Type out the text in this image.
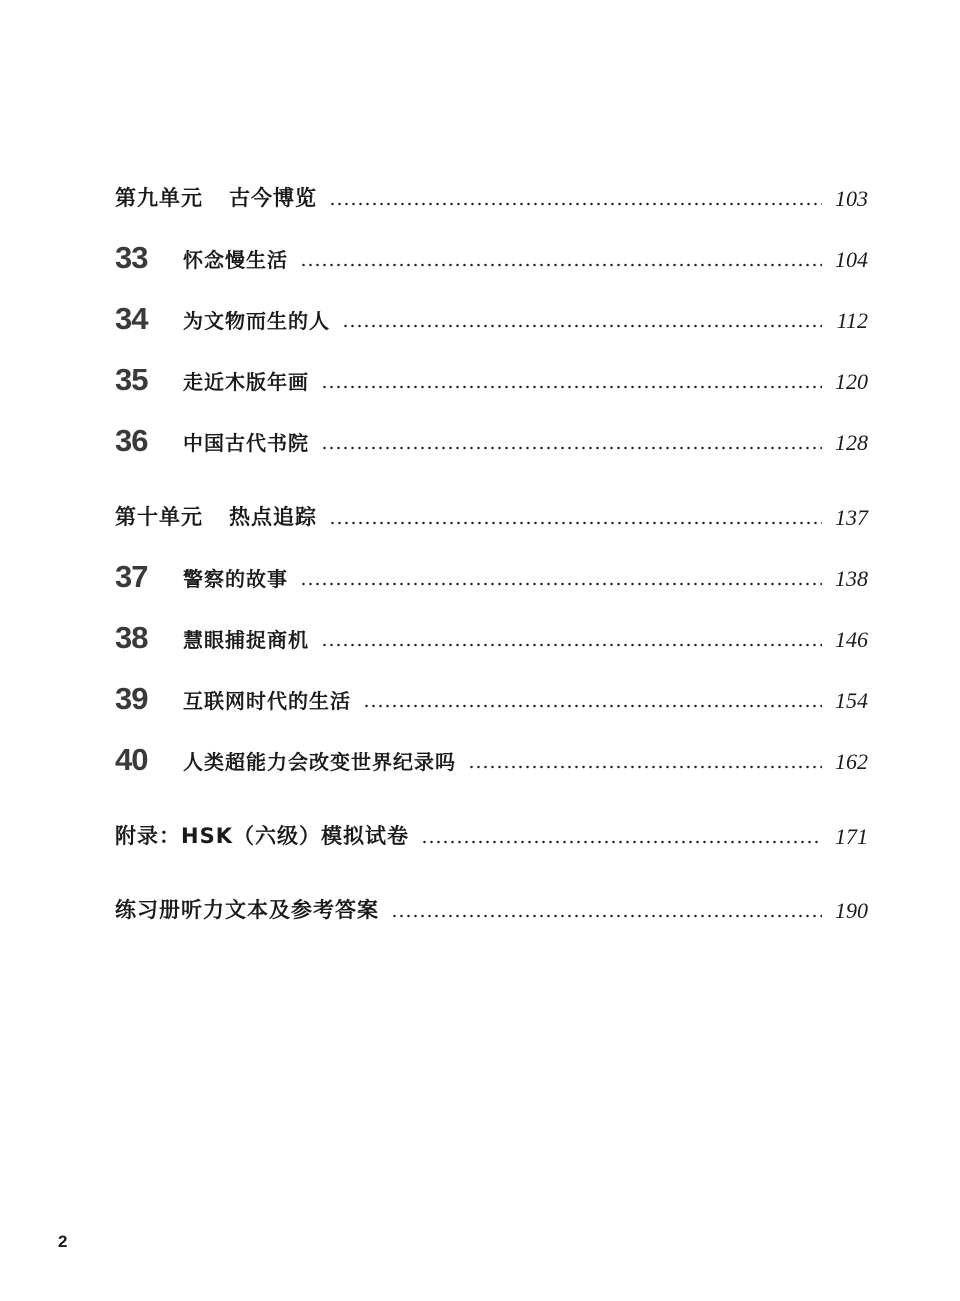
第九单元 古今博览	103
33	怀念慢生活	104
34	为文物而生的人	112
35	走近木版年画	120
36	中国古代书院	128
第十单元 热点追踪	137
37	警察的故事	138
38	慧眼捕捉商机	146
39	互联网时代的生活	154
40	人类超能力会改变世界纪录吗	162
附录：HSK（六级）模拟试卷	171
练习册听力文本及参考答案	190
2
